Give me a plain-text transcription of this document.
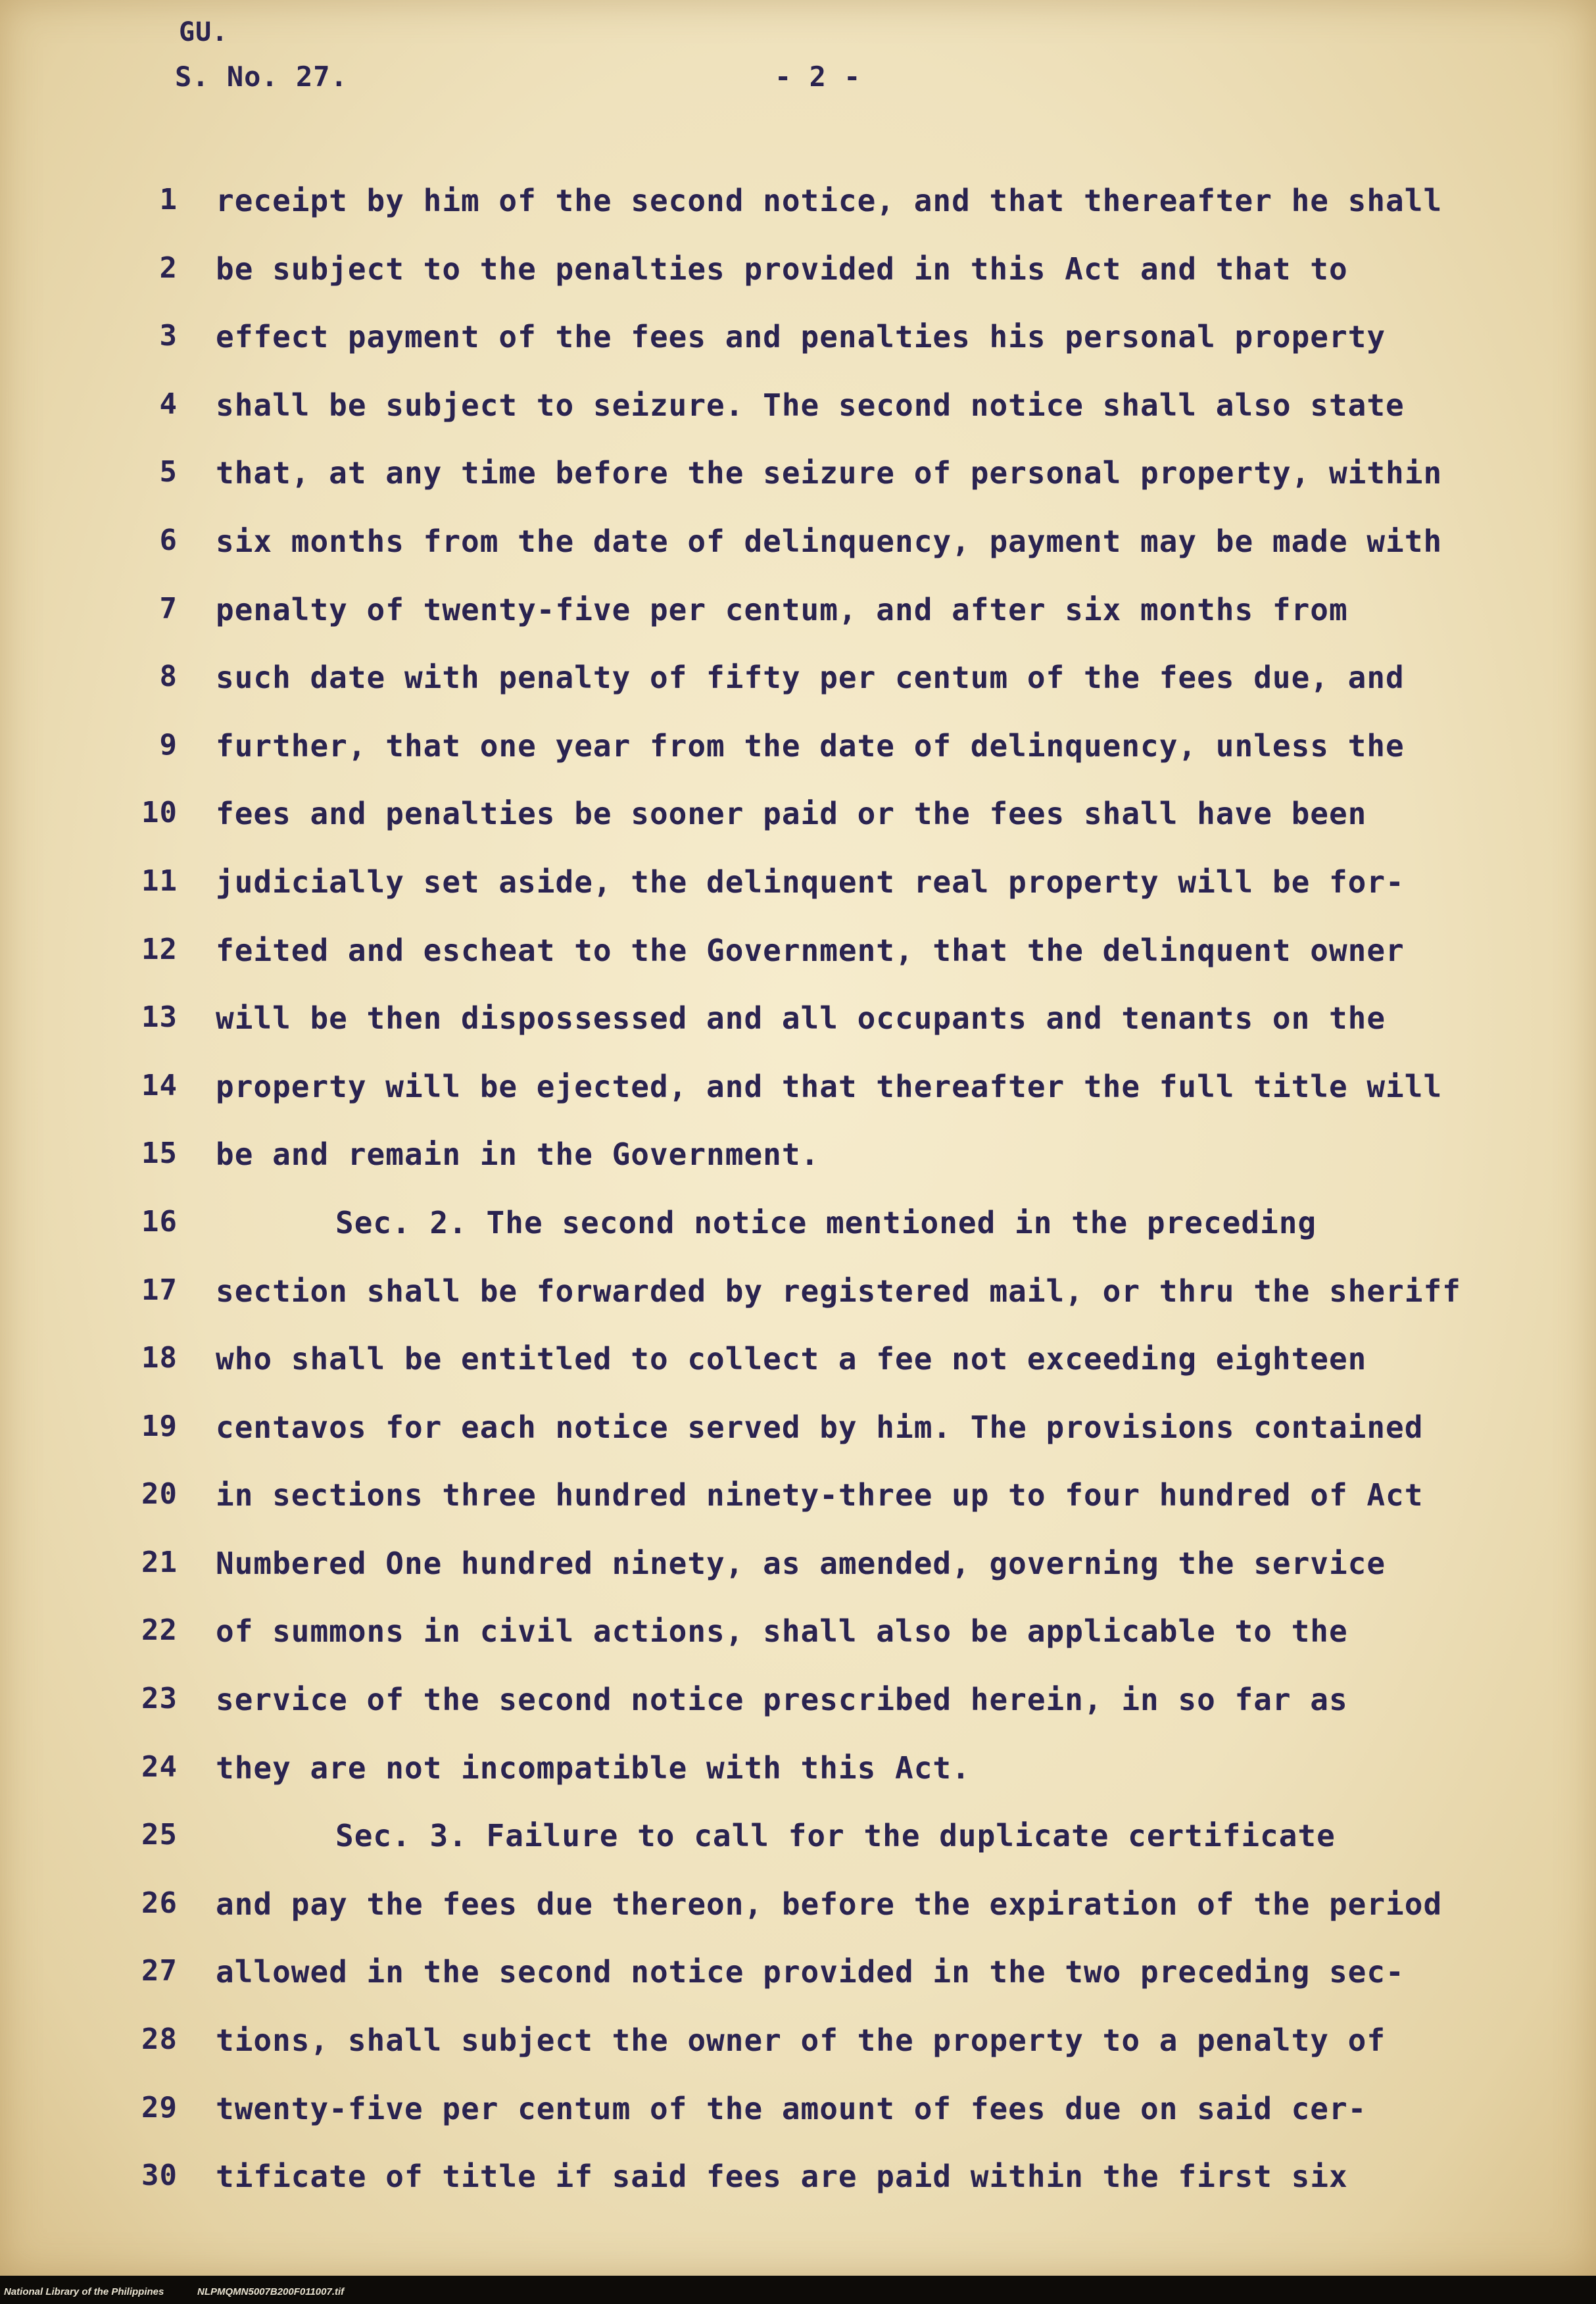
GU.
S. No. 27.	- 2 -
1 receipt by him of the second notice, and that thereafter he shall
2 be subject to the penalties provided in this Act and that to
3 effect payment of the fees and penalties his personal property
4 shall be subject to seizure. The second notice shall also state
5 that, at any time before the seizure of personal property, within
6 six months from the date of delinquency, payment may be made with
7 penalty of twenty-five per centum, and after six months from
8 such date with penalty of fifty per centum of the fees due, and
9 further, that one year from the date of delinquency, unless the
10 fees and penalties be sooner paid or the fees shall have been
11 judicially set aside, the delinquent real property will be for-
12 feited and escheat to the Government, that the delinquent owner
13 will be then dispossessed and all occupants and tenants on the
14 property will be ejected, and that thereafter the full title will
15 be and remain in the Government.
16	Sec. 2. The second notice mentioned in the preceding
17 section shall be forwarded by registered mail, or thru the sheriff
18 who shall be entitled to collect a fee not exceeding eighteen
19 centavos for each notice served by him. The provisions contained
20 in sections three hundred ninety-three up to four hundred of Act
21 Numbered One hundred ninety, as amended, governing the service
22 of summons in civil actions, shall also be applicable to the
23 service of the second notice prescribed herein, in so far as
24 they are not incompatible with this Act.
25	Sec. 3. Failure to call for the duplicate certificate
26 and pay the fees due thereon, before the expiration of the period
27 allowed in the second notice provided in the two preceding sec-
28 tions, shall subject the owner of the property to a penalty of
29 twenty-five per centum of the amount of fees due on said cer-
30 tificate of title if said fees are paid within the first six
National Library of the Philippines	NLPMQMN5007B200F011007.tif
